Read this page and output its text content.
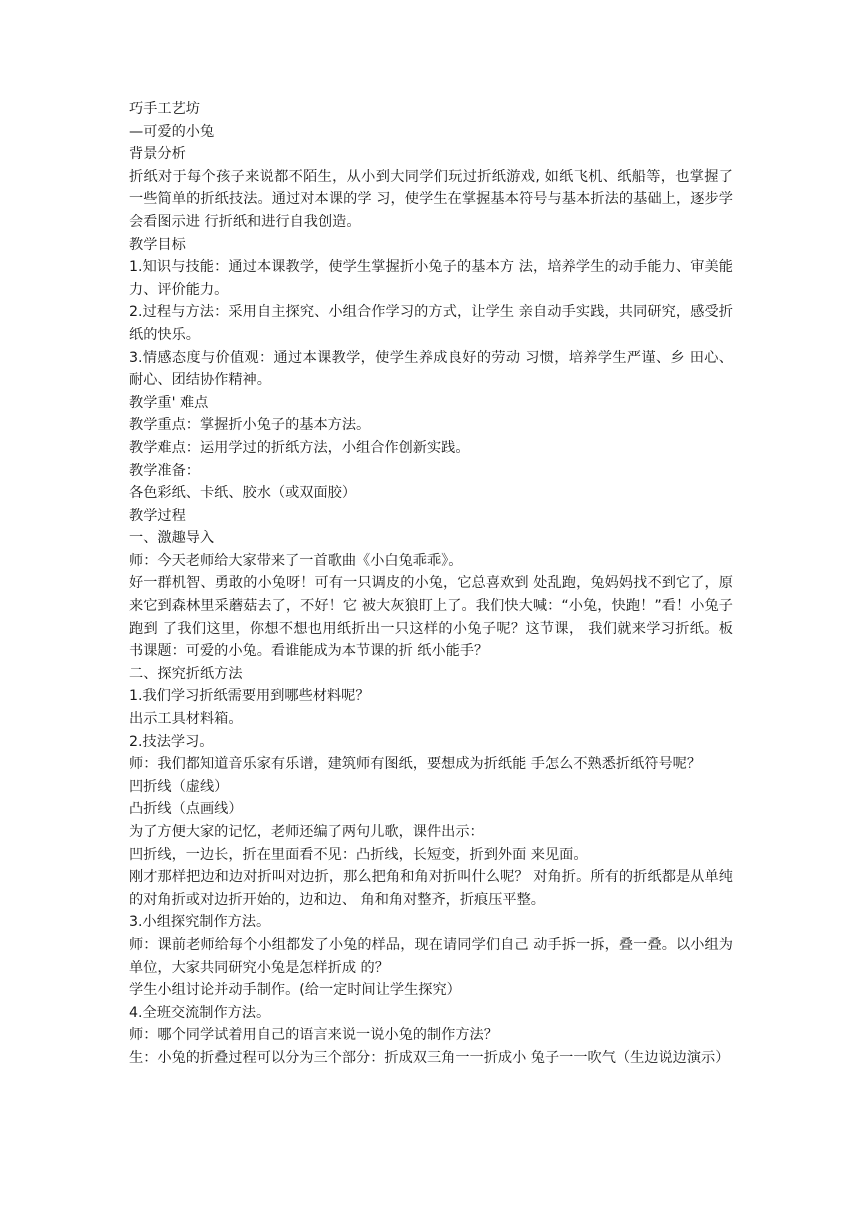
巧手工艺坊

—可爱的小兔

背景分析

折纸对于每个孩子来说都不陌生，从小到大同学们玩过折纸游戏, 如纸飞机、纸船等，也掌握了一些简单的折纸技法。通过对本课的学 习，使学生在掌握基本符号与基本折法的基础上，逐步学会看图示进 行折纸和进行自我创造。

教学目标

1.知识与技能：通过本课教学，使学生掌握折小兔子的基本方 法，培养学生的动手能力、审美能力、评价能力。

2.过程与方法：采用自主探究、小组合作学习的方式，让学生 亲自动手实践，共同研究，感受折纸的快乐。

3.情感态度与价值观：通过本课教学，使学生养成良好的劳动 习惯，培养学生严谨、乡 田心、耐心、团结协作精神。

教学重' 难点

教学重点：掌握折小兔子的基本方法。

教学难点：运用学过的折纸方法，小组合作创新实践。

教学准备：

各色彩纸、卡纸、胶水（或双面胶）

教学过程

一、激趣导入

师：今天老师给大家带来了一首歌曲《小白兔乖乖》。

好一群机智、勇敢的小兔呀！可有一只调皮的小兔，它总喜欢到 处乱跑，兔妈妈找不到它了，原来它到森林里采蘑菇去了，不好！它 被大灰狼盯上了。我们快大喊：“小兔，快跑！”看！小兔子跑到 了我们这里，你想不想也用纸折出一只这样的小兔子呢？这节课， 我们就来学习折纸。板书课题：可爱的小兔。看谁能成为本节课的折 纸小能手？

二、探究折纸方法

1.我们学习折纸需要用到哪些材料呢？

出示工具材料箱。

2.技法学习。

师：我们都知道音乐家有乐谱，建筑师有图纸，要想成为折纸能 手怎么不熟悉折纸符号呢？

凹折线（虚线）

凸折线（点画线）

为了方便大家的记忆，老师还编了两句儿歌，课件出示：

凹折线，一边长，折在里面看不见：凸折线，长短变，折到外面 来见面。

刚才那样把边和边对折叫对边折，那么把角和角对折叫什么呢？ 对角折。所有的折纸都是从单纯的对角折或对边折开始的，边和边、 角和角对整齐，折痕压平整。

3.小组探究制作方法。

师：课前老师给每个小组都发了小兔的样品，现在请同学们自己 动手拆一拆，叠一叠。以小组为单位，大家共同研究小兔是怎样折成 的？

学生小组讨论并动手制作。(给一定时间让学生探究）

4.全班交流制作方法。

师：哪个同学试着用自己的语言来说一说小兔的制作方法？

生：小兔的折叠过程可以分为三个部分：折成双三角一一折成小 兔子一一吹气（生边说边演示）
